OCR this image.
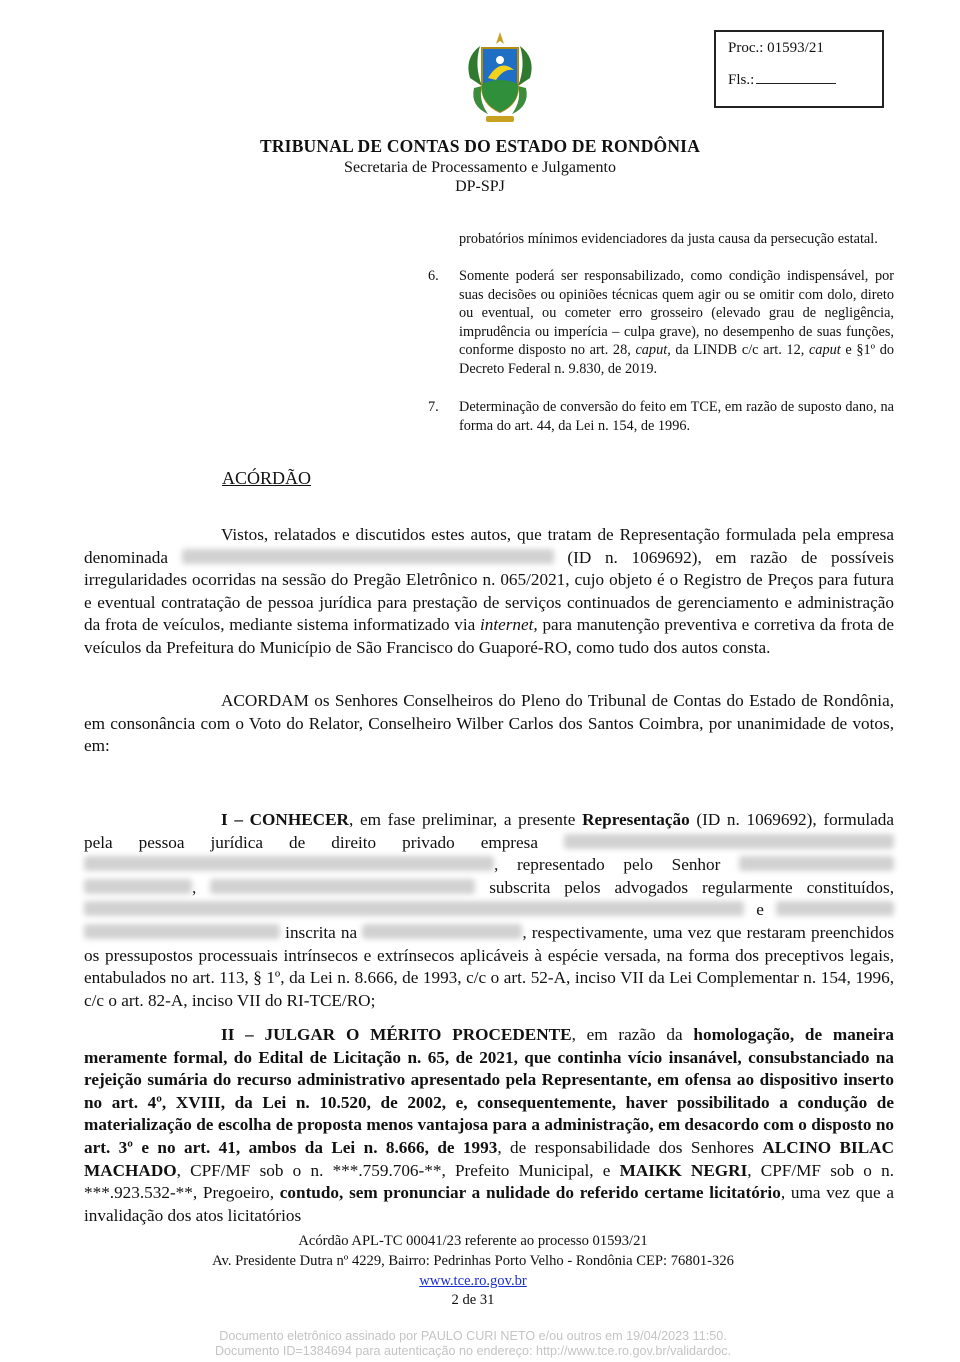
Proc.: 01593/21
Fls.:
TRIBUNAL DE CONTAS DO ESTADO DE RONDÔNIA
Secretaria de Processamento e Julgamento
DP-SPJ
probatórios mínimos evidenciadores da justa causa da persecução estatal.
6.	Somente poderá ser responsabilizado, como condição indispensável, por suas decisões ou opiniões técnicas quem agir ou se omitir com dolo, direto ou eventual, ou cometer erro grosseiro (elevado grau de negligência, imprudência ou imperícia – culpa grave), no desempenho de suas funções, conforme disposto no art. 28, caput, da LINDB c/c art. 12, caput e §1º do Decreto Federal n. 9.830, de 2019.
7.	Determinação de conversão do feito em TCE, em razão de suposto dano, na forma do art. 44, da Lei n. 154, de 1996.
ACÓRDÃO

Vistos, relatados e discutidos estes autos, que tratam de Representação formulada pela empresa denominada	(ID n. 1069692), em razão de possíveis irregularidades ocorridas na sessão do Pregão Eletrônico n. 065/2021, cujo objeto é o Registro de Preços para futura e eventual contratação de pessoa jurídica para prestação de serviços continuados de gerenciamento e administração da frota de veículos, mediante sistema informatizado via internet, para manutenção preventiva e corretiva da frota de veículos da Prefeitura do Município de São Francisco do Guaporé-RO, como tudo dos autos consta.

ACORDAM os Senhores Conselheiros do Pleno do Tribunal de Contas do Estado de Rondônia, em consonância com o Voto do Relator, Conselheiro Wilber Carlos dos Santos Coimbra, por unanimidade de votos, em:

I – CONHECER, em fase preliminar, a presente Representação (ID n. 1069692), formulada pela pessoa jurídica de direito privado empresa  , representado pelo Senhor  ,	subscrita pelos advogados regularmente constituídos,  e   inscrita na	, respectivamente, uma vez que restaram preenchidos os pressupostos processuais intrínsecos e extrínsecos aplicáveis à espécie versada, na forma dos preceptivos legais, entabulados no art. 113, § 1º, da Lei n. 8.666, de 1993, c/c o art. 52-A, inciso VII da Lei Complementar n. 154, 1996, c/c o art. 82-A, inciso VII do RI-TCE/RO;

II – JULGAR O MÉRITO PROCEDENTE, em razão da homologação, de maneira meramente formal, do Edital de Licitação n. 65, de 2021, que continha vício insanável, consubstanciado na rejeição sumária do recurso administrativo apresentado pela Representante, em ofensa ao dispositivo inserto no art. 4º, XVIII, da Lei n. 10.520, de 2002, e, consequentemente, haver possibilitado a condução de materialização de escolha de proposta menos vantajosa para a administração, em desacordo com o disposto no art. 3º e no art. 41, ambos da Lei n. 8.666, de 1993, de responsabilidade dos Senhores ALCINO BILAC MACHADO, CPF/MF sob o n. ***.759.706-**, Prefeito Municipal, e MAIKK NEGRI, CPF/MF sob o n. ***.923.532-**, Pregoeiro, contudo, sem pronunciar a nulidade do referido certame licitatório, uma vez que a invalidação dos atos licitatórios

Acórdão APL-TC 00041/23 referente ao processo 01593/21
Av. Presidente Dutra nº 4229, Bairro: Pedrinhas Porto Velho - Rondônia CEP: 76801-326
www.tce.ro.gov.br
2 de 31
Documento eletrônico assinado por PAULO CURI NETO e/ou outros em 19/04/2023 11:50.
Documento ID=1384694 para autenticação no endereço: http://www.tce.ro.gov.br/validardoc.
